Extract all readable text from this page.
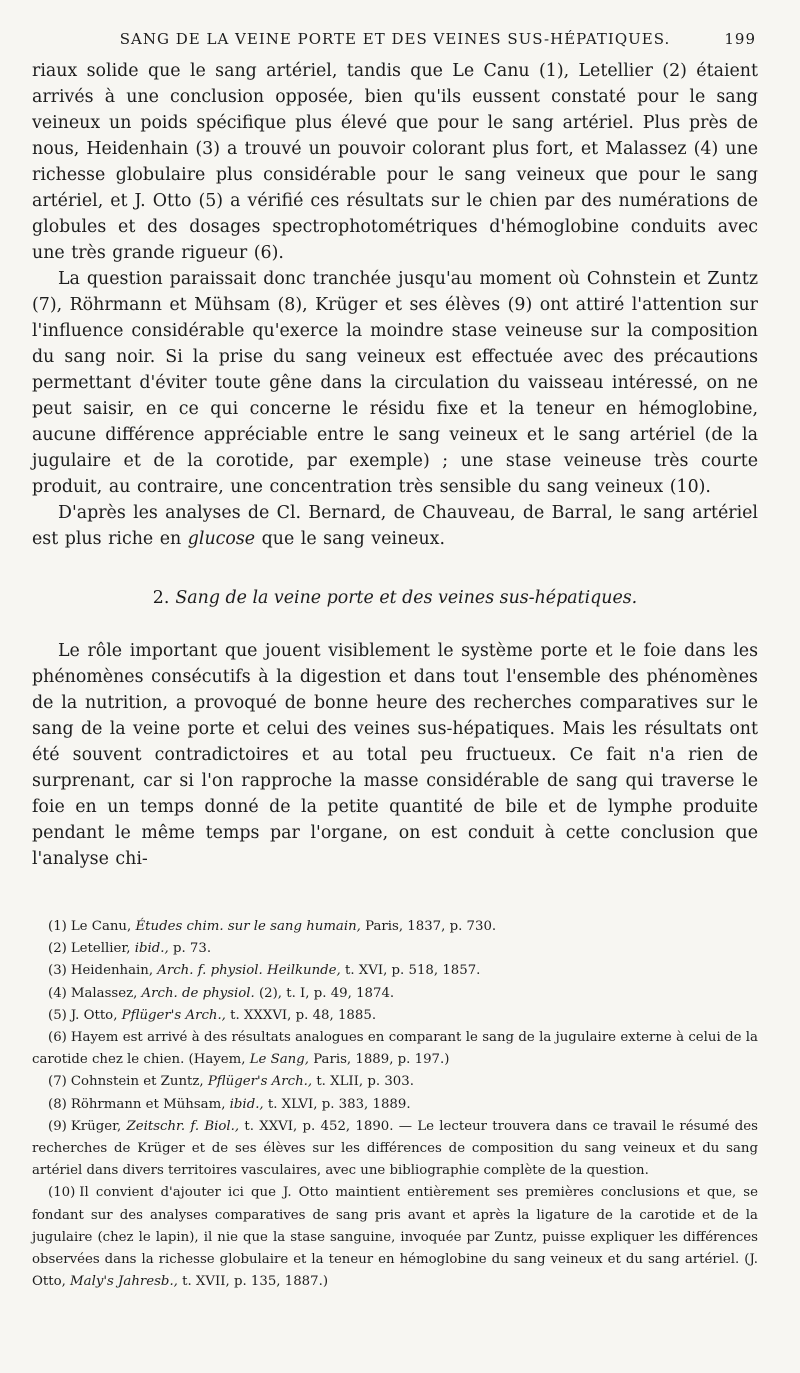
SANG DE LA VEINE PORTE ET DES VEINES SUS-HÉPATIQUES.	199

riaux solide que le sang artériel, tandis que Le Canu (1), Letellier (2) étaient arrivés à une conclusion opposée, bien qu'ils eussent constaté pour le sang veineux un poids spécifique plus élevé que pour le sang artériel. Plus près de nous, Heidenhain (3) a trouvé un pouvoir colorant plus fort, et Malassez (4) une richesse globulaire plus considérable pour le sang veineux que pour le sang artériel, et J. Otto (5) a vérifié ces résultats sur le chien par des numérations de globules et des dosages spectrophotométriques d'hémoglobine conduits avec une très grande rigueur (6).

La question paraissait donc tranchée jusqu'au moment où Cohnstein et Zuntz (7), Röhrmann et Mühsam (8), Krüger et ses élèves (9) ont attiré l'attention sur l'influence considérable qu'exerce la moindre stase veineuse sur la composition du sang noir. Si la prise du sang veineux est effectuée avec des précautions permettant d'éviter toute gêne dans la circulation du vaisseau intéressé, on ne peut saisir, en ce qui concerne le résidu fixe et la teneur en hémoglobine, aucune différence appréciable entre le sang veineux et le sang artériel (de la jugulaire et de la corotide, par exemple) ; une stase veineuse très courte produit, au contraire, une concentration très sensible du sang veineux (10).

D'après les analyses de Cl. Bernard, de Chauveau, de Barral, le sang artériel est plus riche en glucose que le sang veineux.

2. Sang de la veine porte et des veines sus-hépatiques.

Le rôle important que jouent visiblement le système porte et le foie dans les phénomènes consécutifs à la digestion et dans tout l'ensemble des phénomènes de la nutrition, a provoqué de bonne heure des recherches comparatives sur le sang de la veine porte et celui des veines sus-hépatiques. Mais les résultats ont été souvent contradictoires et au total peu fructueux. Ce fait n'a rien de surprenant, car si l'on rapproche la masse considérable de sang qui traverse le foie en un temps donné de la petite quantité de bile et de lymphe produite pendant le même temps par l'organe, on est conduit à cette conclusion que l'analyse chi-

(1) Le Canu, Études chim. sur le sang humain, Paris, 1837, p. 730.
(2) Letellier, ibid., p. 73.
(3) Heidenhain, Arch. f. physiol. Heilkunde, t. XVI, p. 518, 1857.
(4) Malassez, Arch. de physiol. (2), t. I, p. 49, 1874.
(5) J. Otto, Pflüger's Arch., t. XXXVI, p. 48, 1885.
(6) Hayem est arrivé à des résultats analogues en comparant le sang de la jugulaire externe à celui de la carotide chez le chien. (Hayem, Le Sang, Paris, 1889, p. 197.)
(7) Cohnstein et Zuntz, Pflüger's Arch., t. XLII, p. 303.
(8) Röhrmann et Mühsam, ibid., t. XLVI, p. 383, 1889.
(9) Krüger, Zeitschr. f. Biol., t. XXVI, p. 452, 1890. — Le lecteur trouvera dans ce travail le résumé des recherches de Krüger et de ses élèves sur les différences de composition du sang veineux et du sang artériel dans divers territoires vasculaires, avec une bibliographie complète de la question.
(10) Il convient d'ajouter ici que J. Otto maintient entièrement ses premières conclusions et que, se fondant sur des analyses comparatives de sang pris avant et après la ligature de la carotide et de la jugulaire (chez le lapin), il nie que la stase sanguine, invoquée par Zuntz, puisse expliquer les différences observées dans la richesse globulaire et la teneur en hémoglobine du sang veineux et du sang artériel. (J. Otto, Maly's Jahresb., t. XVII, p. 135, 1887.)
